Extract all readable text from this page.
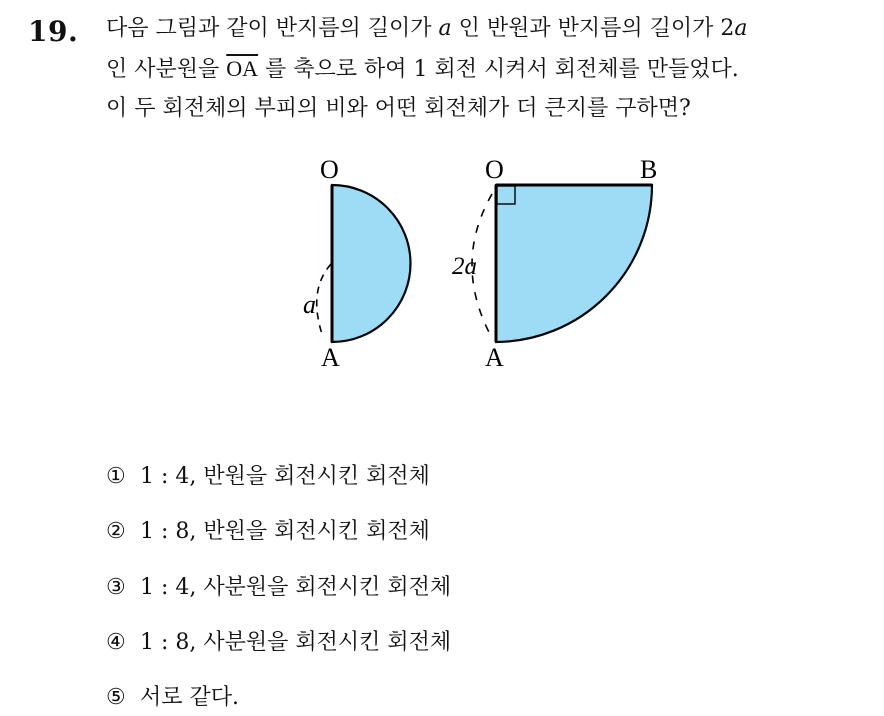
19. 다음 그림과 같이 반지름의 길이가 a 인 반원과 반지름의 길이가 2a
인 사분원을 $\overline{OA}$ 를 축으로 하여 1 회전 시켜서 회전체를 만들었다.
이 두 회전체의 부피의 비와 어떤 회전체가 더 큰지를 구하면?
O
A
a
O	B
A
2a
① 1 : 4, 반원을 회전시킨 회전체
② 1 : 8, 반원을 회전시킨 회전체
③ 1 : 4, 사분원을 회전시킨 회전체
④ 1 : 8, 사분원을 회전시킨 회전체
⑤ 서로 같다.
